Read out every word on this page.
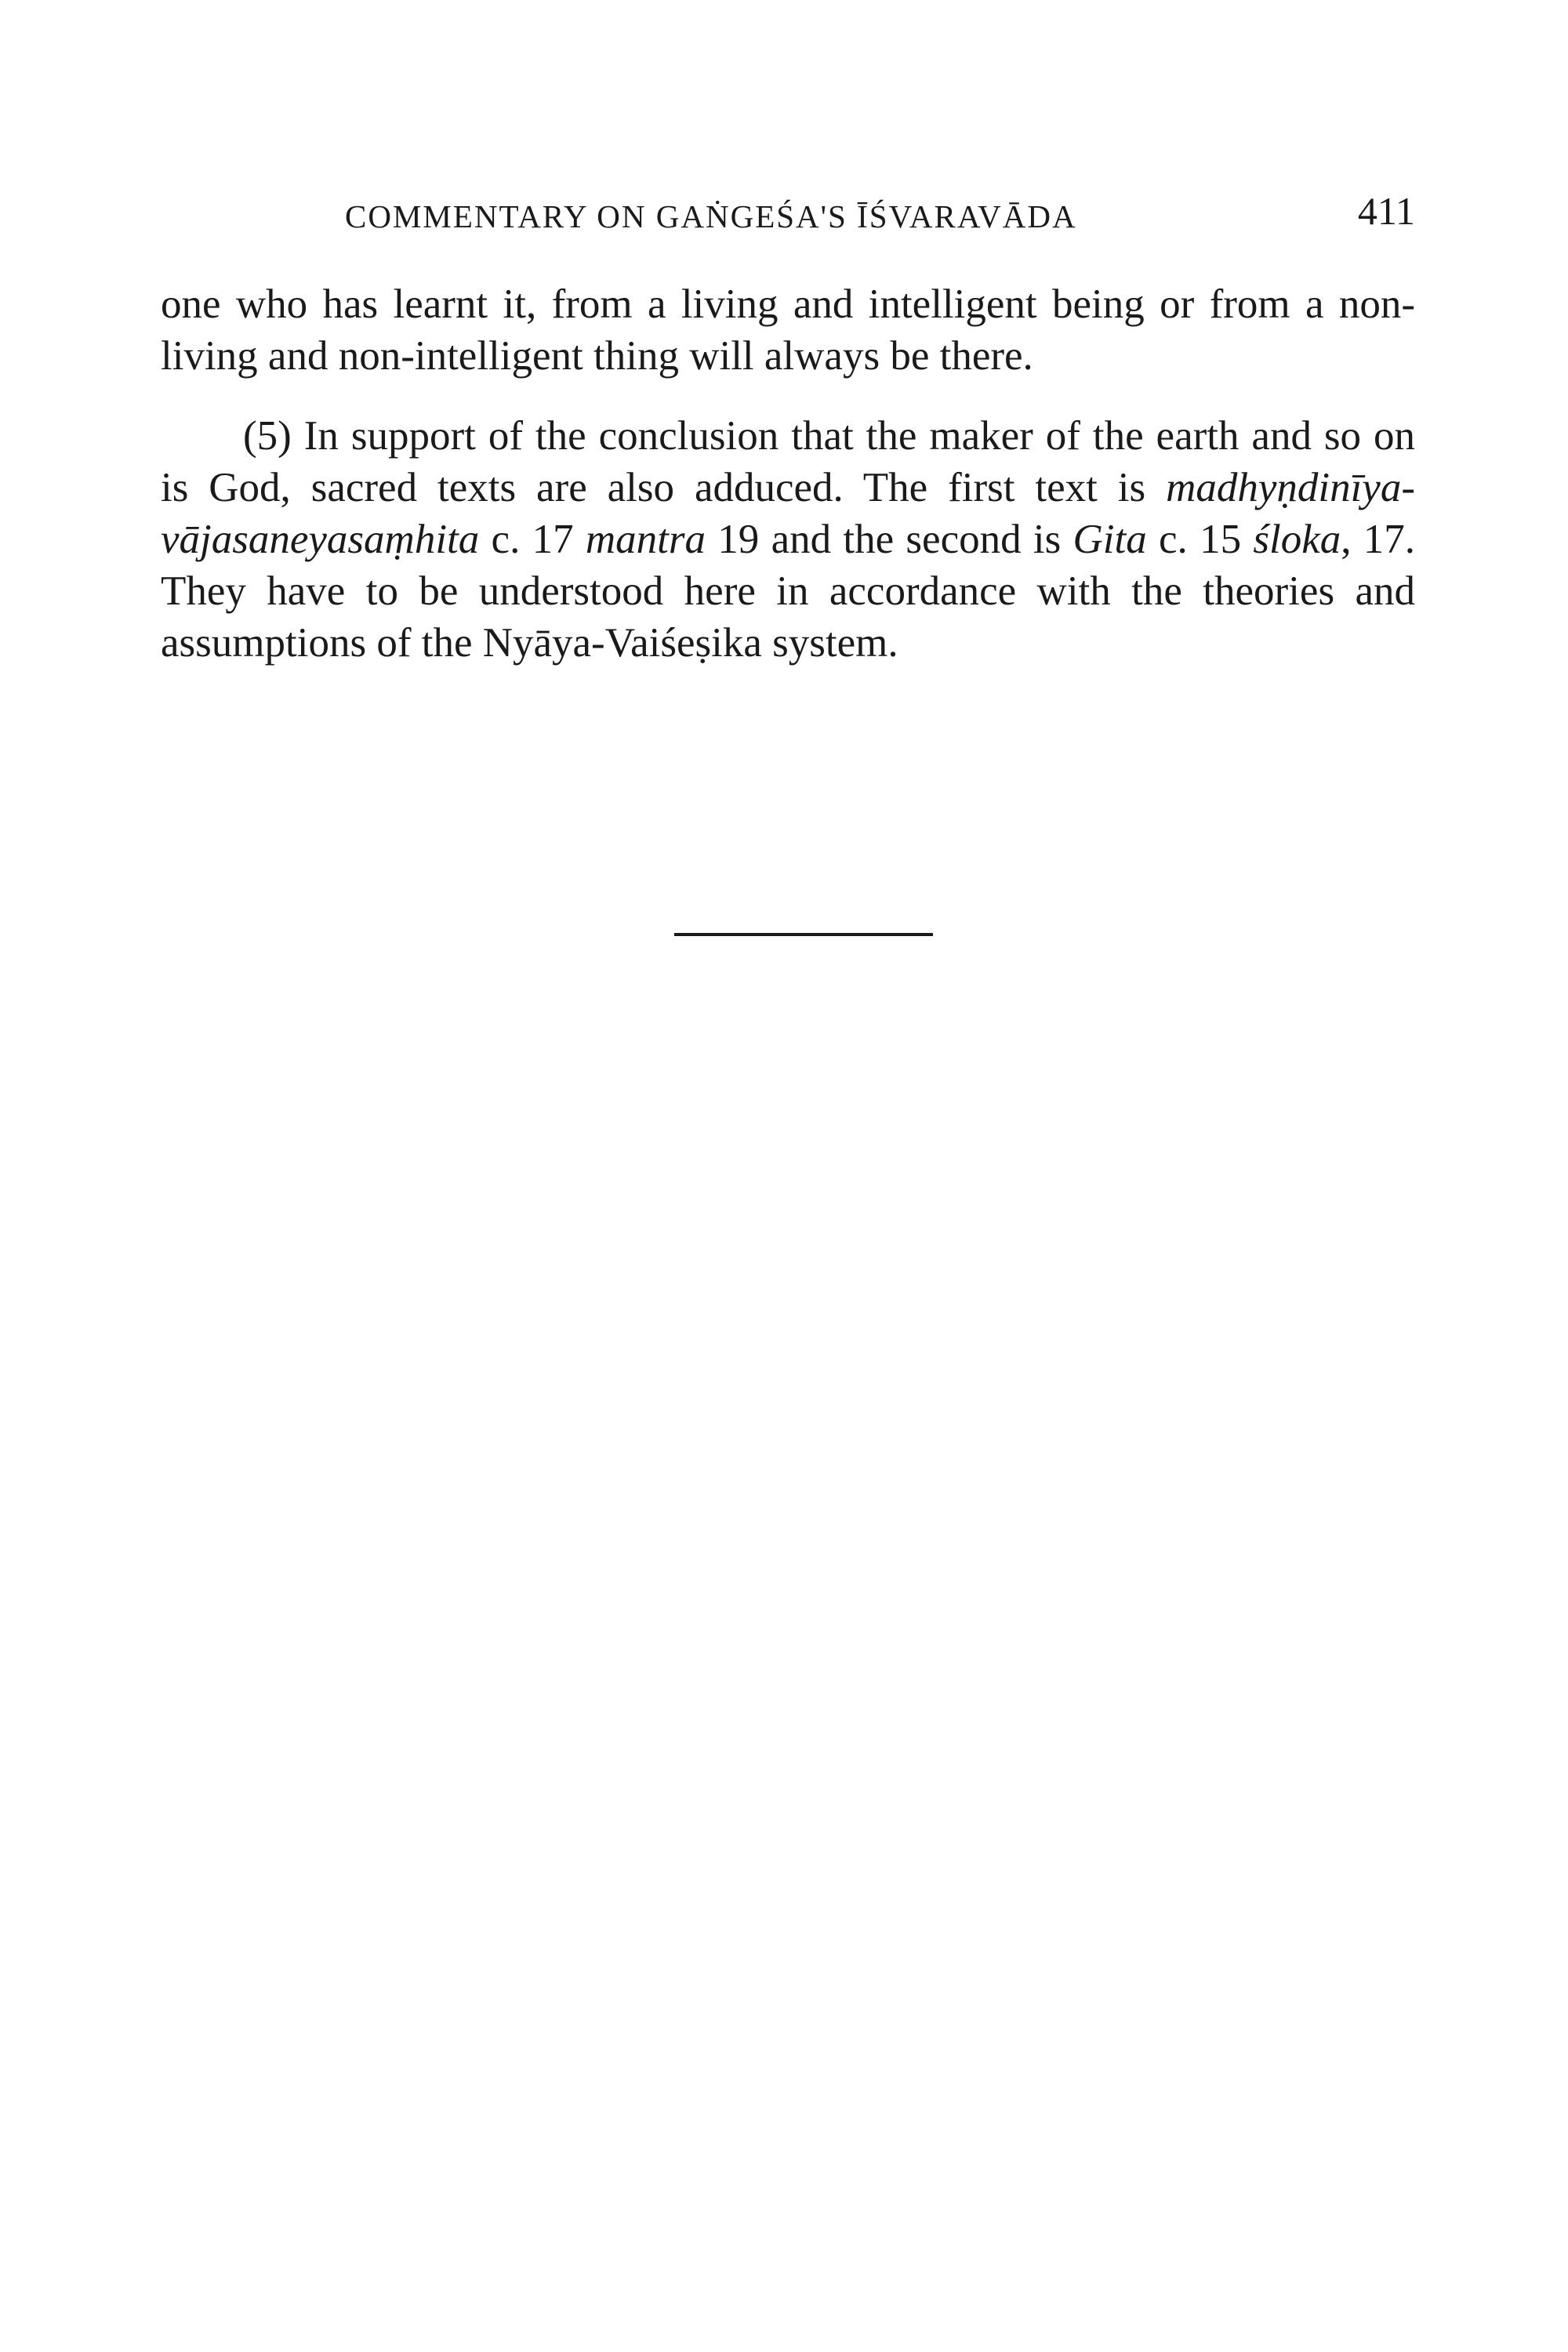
COMMENTARY ON GAṄGEŚA'S ĪŚVARAVĀDA	411

one who has learnt it, from a living and intelligent being or from a non-living and non-intelligent thing will always be there.

(5) In support of the conclusion that the maker of the earth and so on is God, sacred texts are also adduced. The first text is madhyṇdinīya-vājasaneyasaṃhita c. 17 mantra 19 and the second is Gita c. 15 śloka, 17. They have to be understood here in accordance with the theories and assumptions of the Nyāya-Vaiśeṣika system.
